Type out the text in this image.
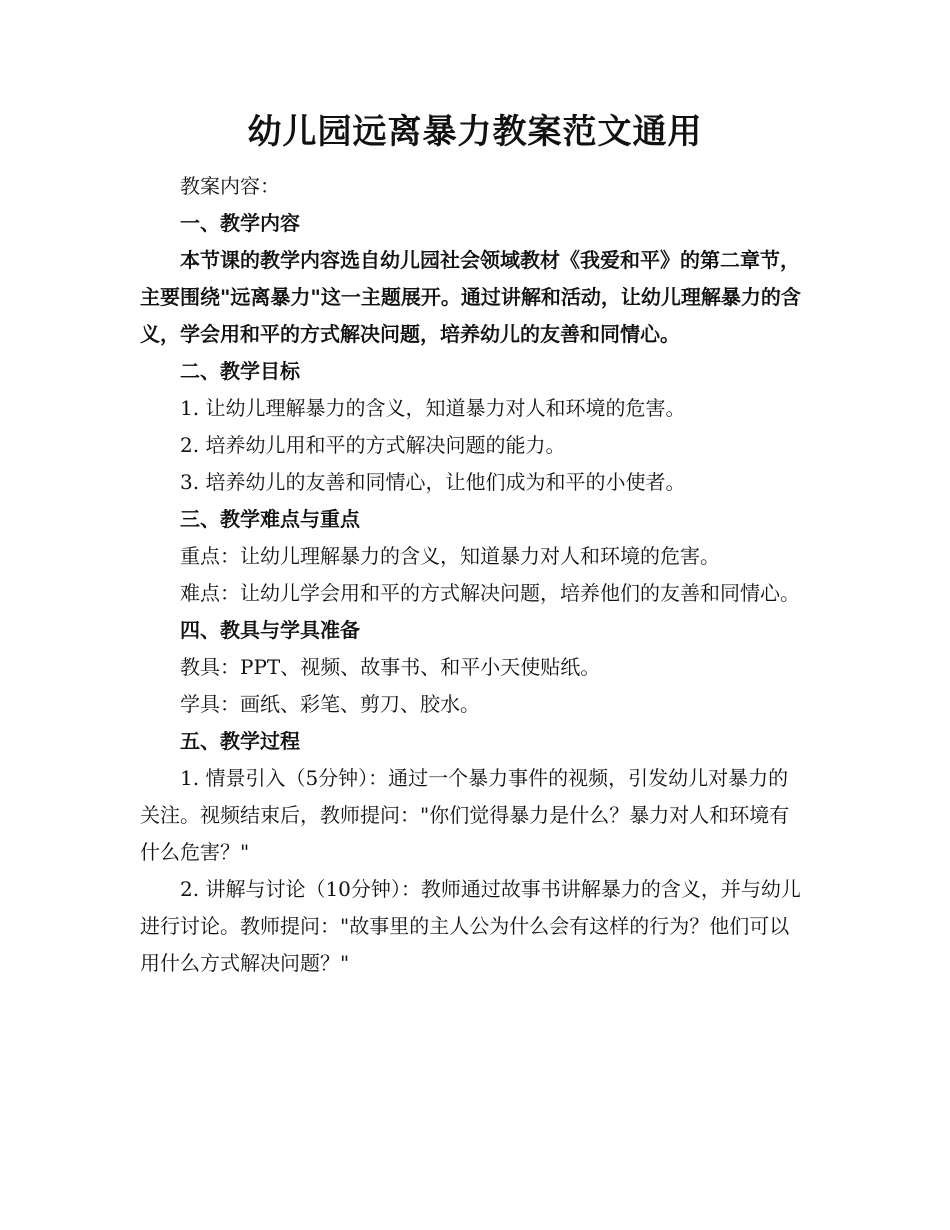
幼儿园远离暴力教案范文通用

教案内容：

一、教学内容

本节课的教学内容选自幼儿园社会领域教材《我爱和平》的第二章节，主要围绕"远离暴力"这一主题展开。通过讲解和活动，让幼儿理解暴力的含义，学会用和平的方式解决问题，培养幼儿的友善和同情心。

二、教学目标

1. 让幼儿理解暴力的含义，知道暴力对人和环境的危害。

2. 培养幼儿用和平的方式解决问题的能力。

3. 培养幼儿的友善和同情心，让他们成为和平的小使者。

三、教学难点与重点

重点：让幼儿理解暴力的含义，知道暴力对人和环境的危害。

难点：让幼儿学会用和平的方式解决问题，培养他们的友善和同情心。

四、教具与学具准备

教具：PPT、视频、故事书、和平小天使贴纸。

学具：画纸、彩笔、剪刀、胶水。

五、教学过程

1. 情景引入（5分钟）：通过一个暴力事件的视频，引发幼儿对暴力的关注。视频结束后，教师提问："你们觉得暴力是什么？暴力对人和环境有什么危害？"

2. 讲解与讨论（10分钟）：教师通过故事书讲解暴力的含义，并与幼儿进行讨论。教师提问："故事里的主人公为什么会有这样的行为？他们可以用什么方式解决问题？"
